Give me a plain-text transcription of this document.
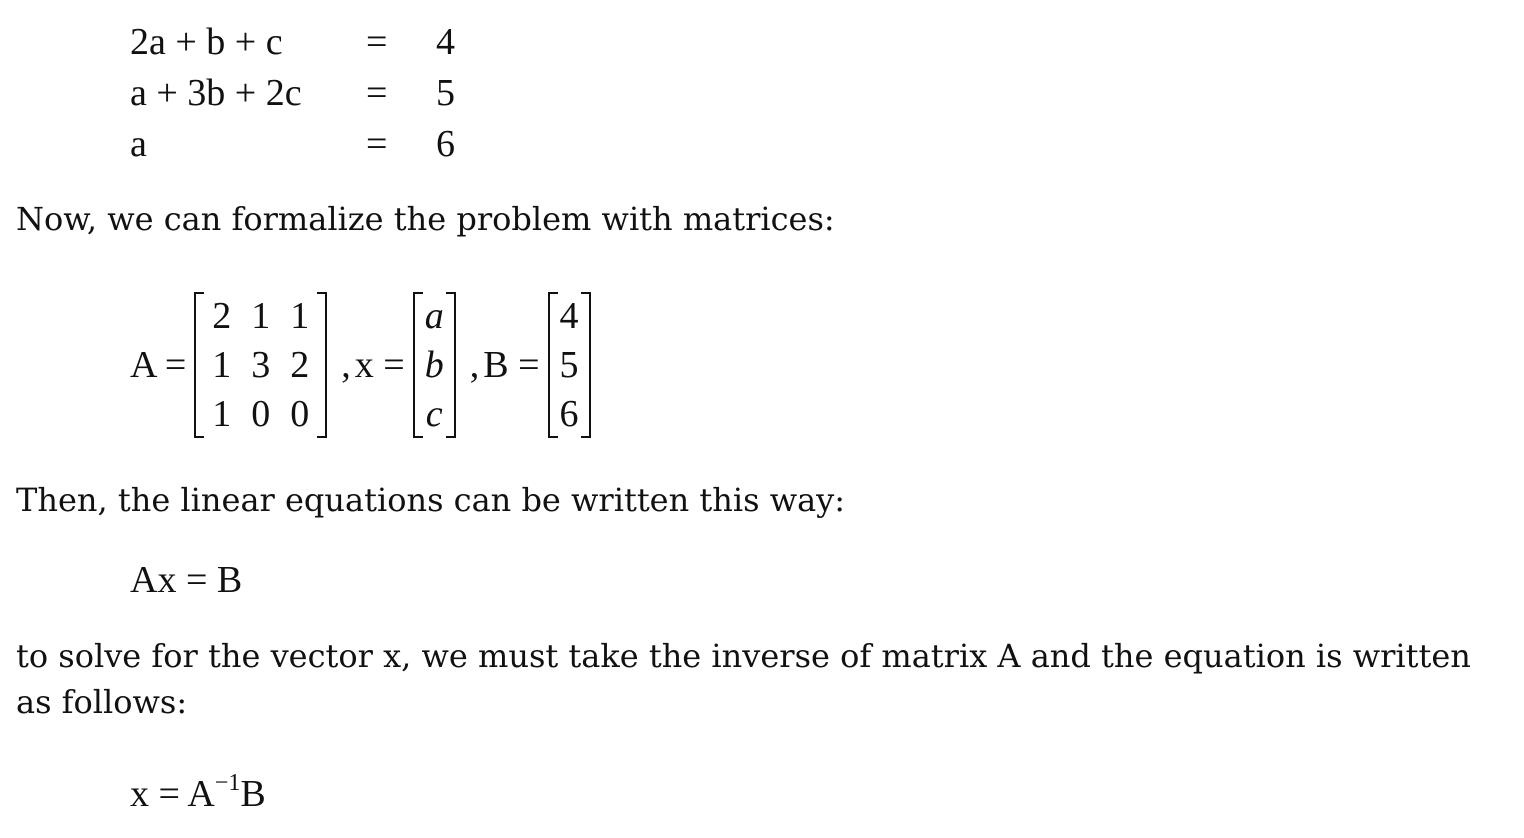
2a + b + c = 4
a + 3b + 2c = 5
a	= 6

Now, we can formalize the problem with matrices:

A =
2	1	1
1	3	2
1	0	0
, x =
a
b
c
, B =
4
5
6

Then, the linear equations can be written this way:

Ax = B

to solve for the vector x, we must take the inverse of matrix A and the equation is written as follows:

$x = A^{-1}B$
